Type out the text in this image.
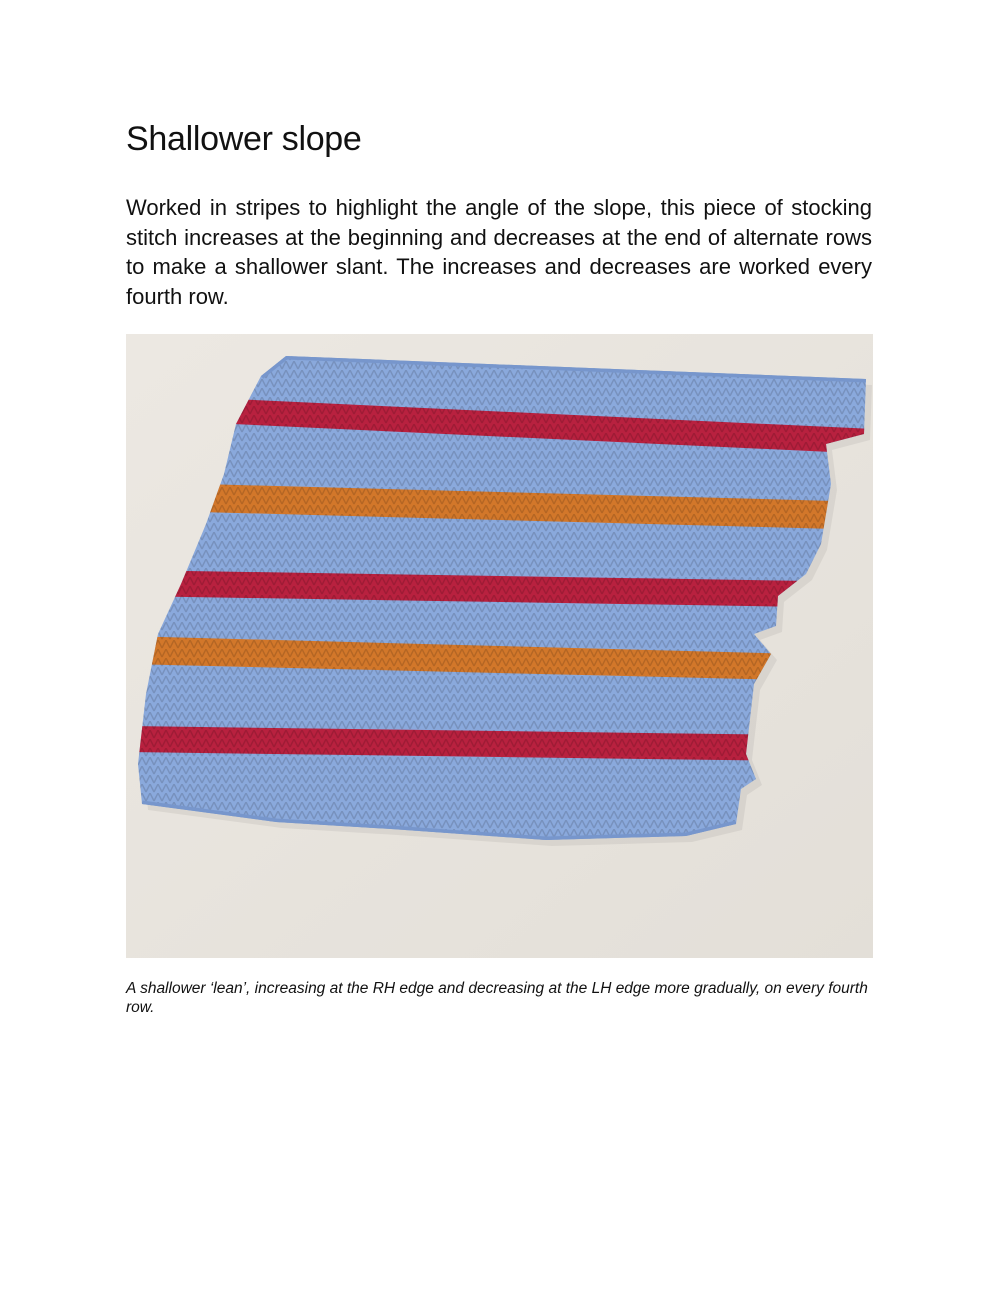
Shallower slope

Worked in stripes to highlight the angle of the slope, this piece of stocking stitch increases at the beginning and decreases at the end of alternate rows to make a shallower slant. The increases and decreases are worked every fourth row.

A shallower ‘lean’, increasing at the RH edge and decreasing at the LH edge more gradually, on every fourth row.
